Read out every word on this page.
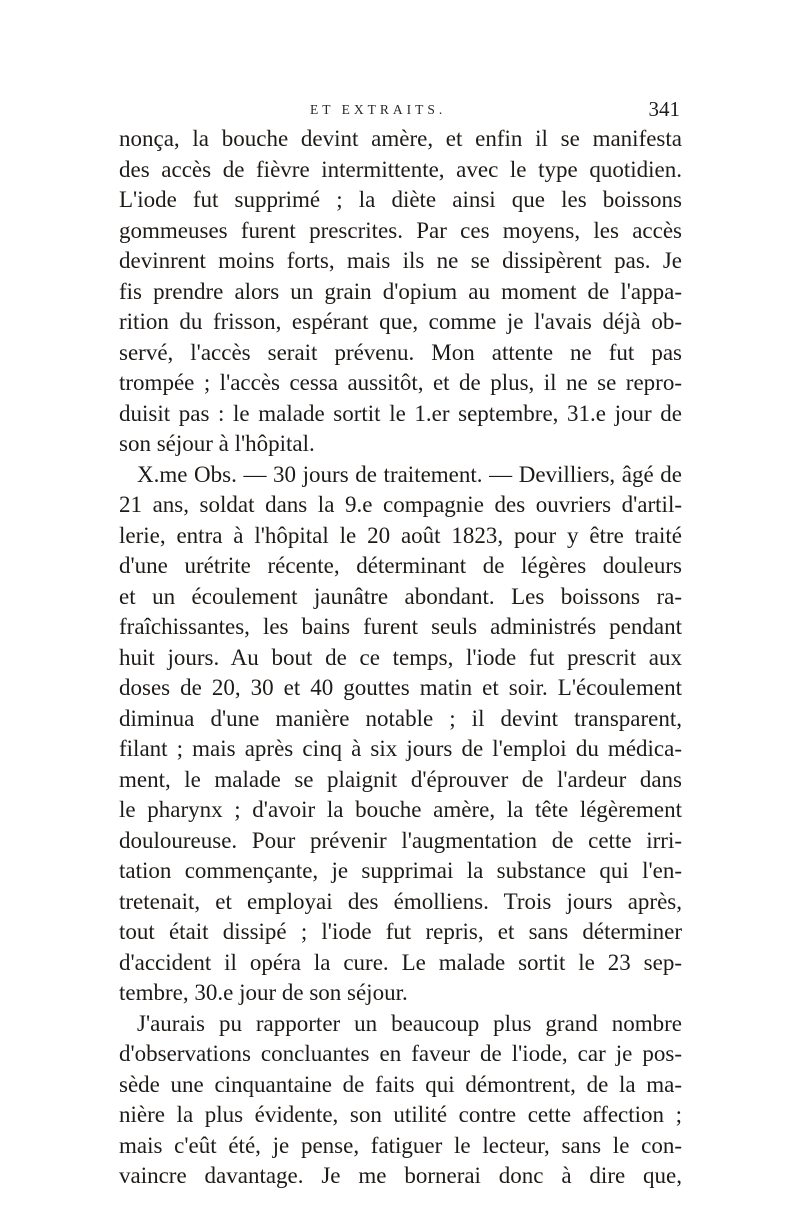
ET EXTRAITS.	341
nonça, la bouche devint amère, et enfin il se manifesta
des accès de fièvre intermittente, avec le type quotidien.
L'iode fut supprimé ; la diète ainsi que les boissons
gommeuses furent prescrites. Par ces moyens, les accès
devinrent moins forts, mais ils ne se dissipèrent pas. Je
fis prendre alors un grain d'opium au moment de l'appa-
rition du frisson, espérant que, comme je l'avais déjà ob-
servé, l'accès serait prévenu. Mon attente ne fut pas
trompée ; l'accès cessa aussitôt, et de plus, il ne se repro-
duisit pas : le malade sortit le 1.er septembre, 31.e jour de
son séjour à l'hôpital.
X.me Obs. — 30 jours de traitement. — Devilliers, âgé de
21 ans, soldat dans la 9.e compagnie des ouvriers d'artil-
lerie, entra à l'hôpital le 20 août 1823, pour y être traité
d'une urétrite récente, déterminant de légères douleurs
et un écoulement jaunâtre abondant. Les boissons ra-
fraîchissantes, les bains furent seuls administrés pendant
huit jours. Au bout de ce temps, l'iode fut prescrit aux
doses de 20, 30 et 40 gouttes matin et soir. L'écoulement
diminua d'une manière notable ; il devint transparent,
filant ; mais après cinq à six jours de l'emploi du médica-
ment, le malade se plaignit d'éprouver de l'ardeur dans
le pharynx ; d'avoir la bouche amère, la tête légèrement
douloureuse. Pour prévenir l'augmentation de cette irri-
tation commençante, je supprimai la substance qui l'en-
tretenait, et employai des émolliens. Trois jours après,
tout était dissipé ; l'iode fut repris, et sans déterminer
d'accident il opéra la cure. Le malade sortit le 23 sep-
tembre, 30.e jour de son séjour.
J'aurais pu rapporter un beaucoup plus grand nombre
d'observations concluantes en faveur de l'iode, car je pos-
sède une cinquantaine de faits qui démontrent, de la ma-
nière la plus évidente, son utilité contre cette affection ;
mais c'eût été, je pense, fatiguer le lecteur, sans le con-
vaincre davantage. Je me bornerai donc à dire que,
